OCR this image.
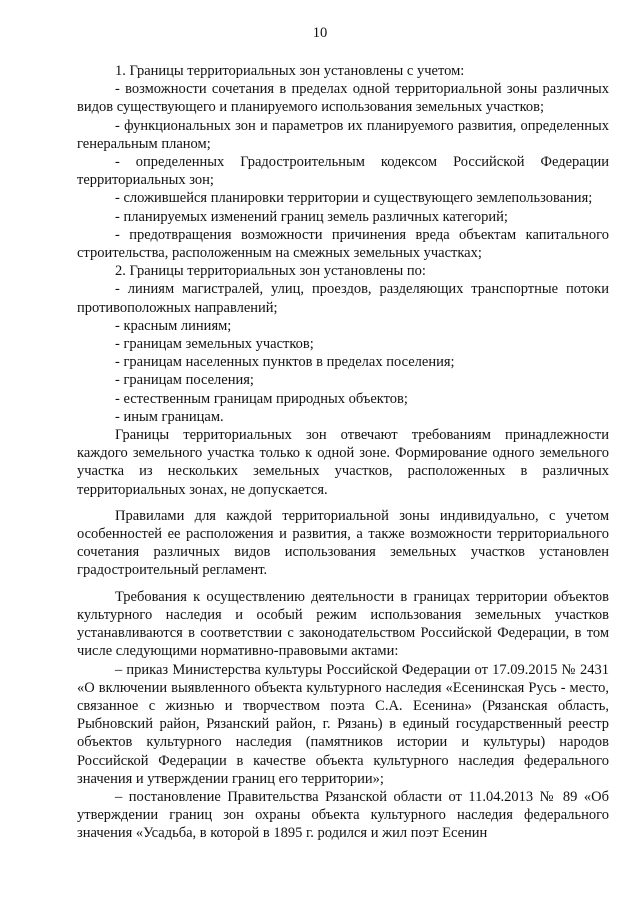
10

1. Границы территориальных зон установлены с учетом:

- возможности сочетания в пределах одной территориальной зоны различных видов существующего и планируемого использования земельных участков;

- функциональных зон и параметров их планируемого развития, определенных генеральным планом;

- определенных Градостроительным кодексом Российской Федерации территориальных зон;

- сложившейся планировки территории и существующего землепользования;

- планируемых изменений границ земель различных категорий;

- предотвращения возможности причинения вреда объектам капитального строительства, расположенным на смежных земельных участках;

2. Границы территориальных зон установлены по:

- линиям магистралей, улиц, проездов, разделяющих транспортные потоки противоположных направлений;

- красным линиям;

- границам земельных участков;

- границам населенных пунктов в пределах поселения;

- границам поселения;

- естественным границам природных объектов;

- иным границам.

Границы территориальных зон отвечают требованиям принадлежности каждого земельного участка только к одной зоне. Формирование одного земельного участка из нескольких земельных участков, расположенных в различных территориальных зонах, не допускается.

Правилами для каждой территориальной зоны индивидуально, с учетом особенностей ее расположения и развития, а также возможности территориального сочетания различных видов использования земельных участков установлен градостроительный регламент.

Требования к осуществлению деятельности в границах территории объектов культурного наследия и особый режим использования земельных участков устанавливаются в соответствии с законодательством Российской Федерации, в том числе следующими нормативно-правовыми актами:

– приказ Министерства культуры Российской Федерации от 17.09.2015 № 2431 «О включении выявленного объекта культурного наследия «Есенинская Русь - место, связанное с жизнью и творчеством поэта С.А. Есенина» (Рязанская область, Рыбновский район, Рязанский район, г. Рязань) в единый государственный реестр объектов культурного наследия (памятников истории и культуры) народов Российской Федерации в качестве объекта культурного наследия федерального значения и утверждении границ его территории»;

– постановление Правительства Рязанской области от 11.04.2013 № 89 «Об утверждении границ зон охраны объекта культурного наследия федерального значения «Усадьба, в которой в 1895 г. родился и жил поэт Есенин
